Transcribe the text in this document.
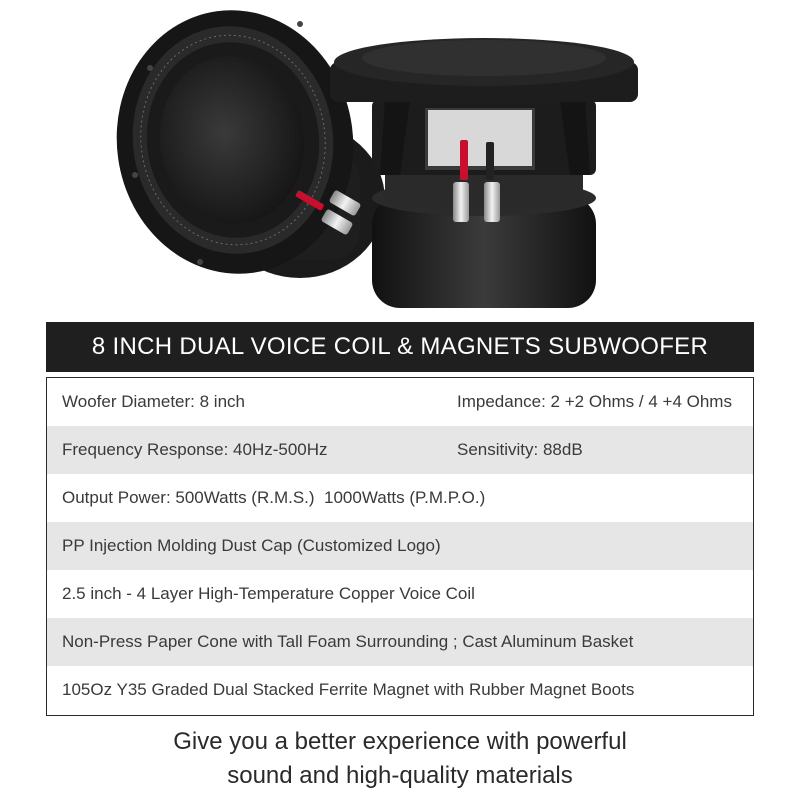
8 INCH DUAL VOICE COIL & MAGNETS SUBWOOFER
Woofer Diameter: 8 inch	Impedance: 2 +2 Ohms / 4 +4 Ohms
Frequency Response: 40Hz-500Hz	Sensitivity: 88dB
Output Power: 500Watts (R.M.S.)  1000Watts (P.M.P.O.)
PP Injection Molding Dust Cap (Customized Logo)
2.5 inch - 4 Layer High-Temperature Copper Voice Coil
Non-Press Paper Cone with Tall Foam Surrounding ; Cast Aluminum Basket
105Oz Y35 Graded Dual Stacked Ferrite Magnet with Rubber Magnet Boots
Give you a better experience with powerful
sound and high-quality materials
